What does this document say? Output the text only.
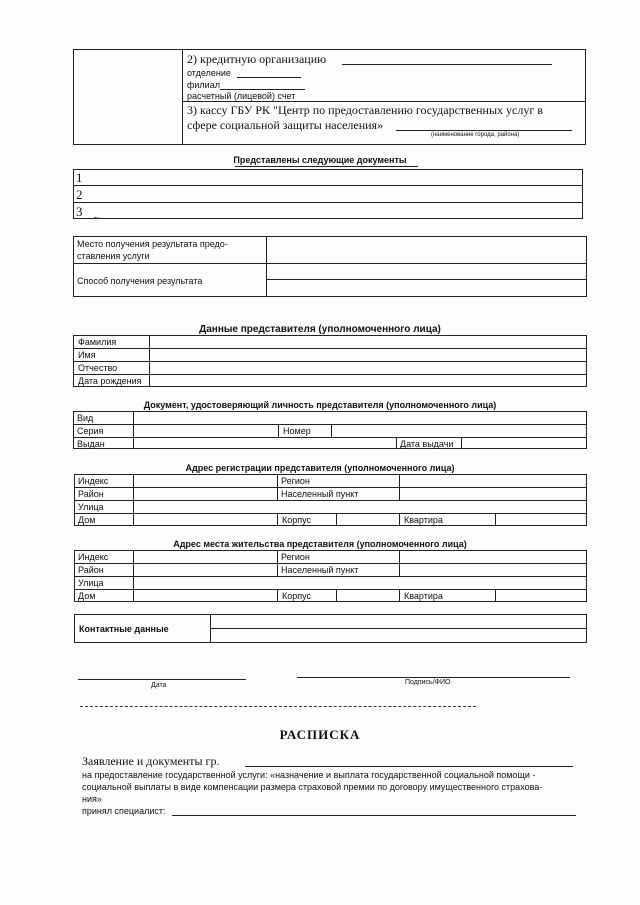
2) кредитную организацию
отделение
филиал
расчетный (лицевой) счет
3) кассу ГБУ РК "Центр по предоставлению государственных услуг в
сфере социальной защиты населения»
(наименование города, района)
Представлены следующие документы
1
2
3 ←
Место получения результата предо-
ставления услуги
Способ получения результата
Данные представителя (уполномоченного лица)
Фамилия
Имя
Отчество
Дата рождения
Документ, удостоверяющий личность представителя (уполномоченного лица)
Вид
Серия	Номер
Выдан	Дата выдачи
Адрес регистрации представителя (уполномоченного лица)
Индекс	Регион
Район	Населенный пункт
Улица
Дом	Корпус	Квартира
Адрес места жительства представителя (уполномоченного лица)
Индекс	Регион
Район	Населенный пункт
Улица
Дом	Корпус	Квартира
Контактные данные
Дата	Подпись/ФИО
РАСПИСКА
Заявление и документы гр.
на предоставление государственной услуги: «назначение и выплата государственной социальной помощи -
социальной выплаты в виде компенсации размера страховой премии по договору имущественного страхова-
ния»
принял специалист:
